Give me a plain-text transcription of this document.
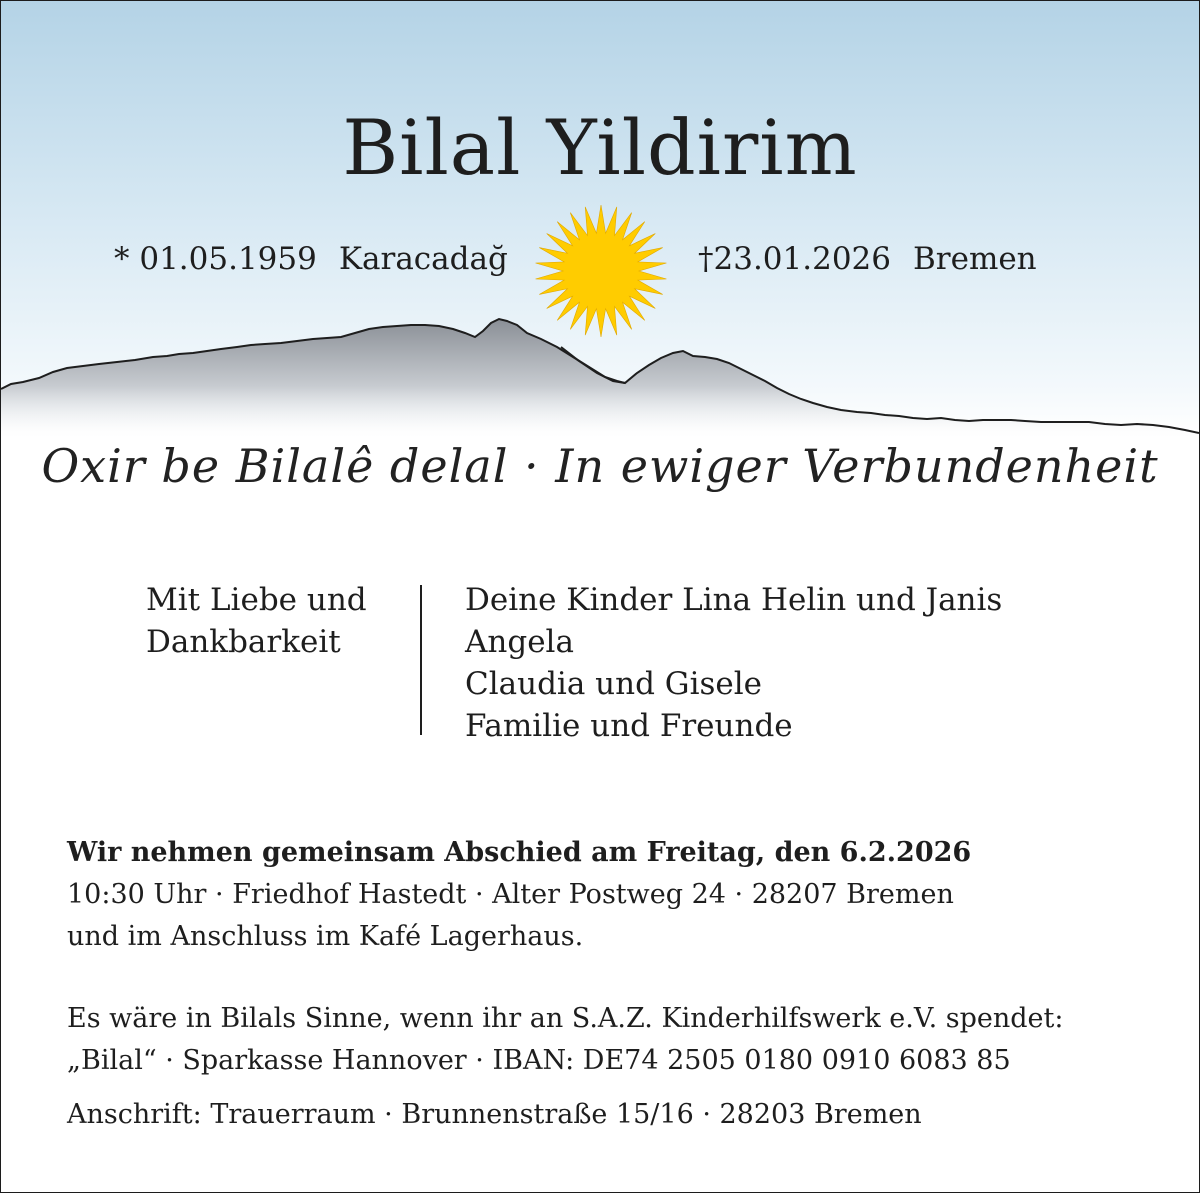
Bilal Yildirim
* 01.05.1959 Karacadağ	†23.01.2026 Bremen
Oxir be Bilalê delal · In ewiger Verbundenheit
Mit Liebe und
Dankbarkeit
Deine Kinder Lina Helin und Janis
Angela
Claudia und Gisele
Familie und Freunde
Wir nehmen gemeinsam Abschied am Freitag, den 6.2.2026
10:30 Uhr · Friedhof Hastedt · Alter Postweg 24 · 28207 Bremen
und im Anschluss im Kafé Lagerhaus.
Es wäre in Bilals Sinne, wenn ihr an S.A.Z. Kinderhilfswerk e.V. spendet:
„Bilal“ · Sparkasse Hannover · IBAN: DE74 2505 0180 0910 6083 85
Anschrift: Trauerraum · Brunnenstraße 15/16 · 28203 Bremen
